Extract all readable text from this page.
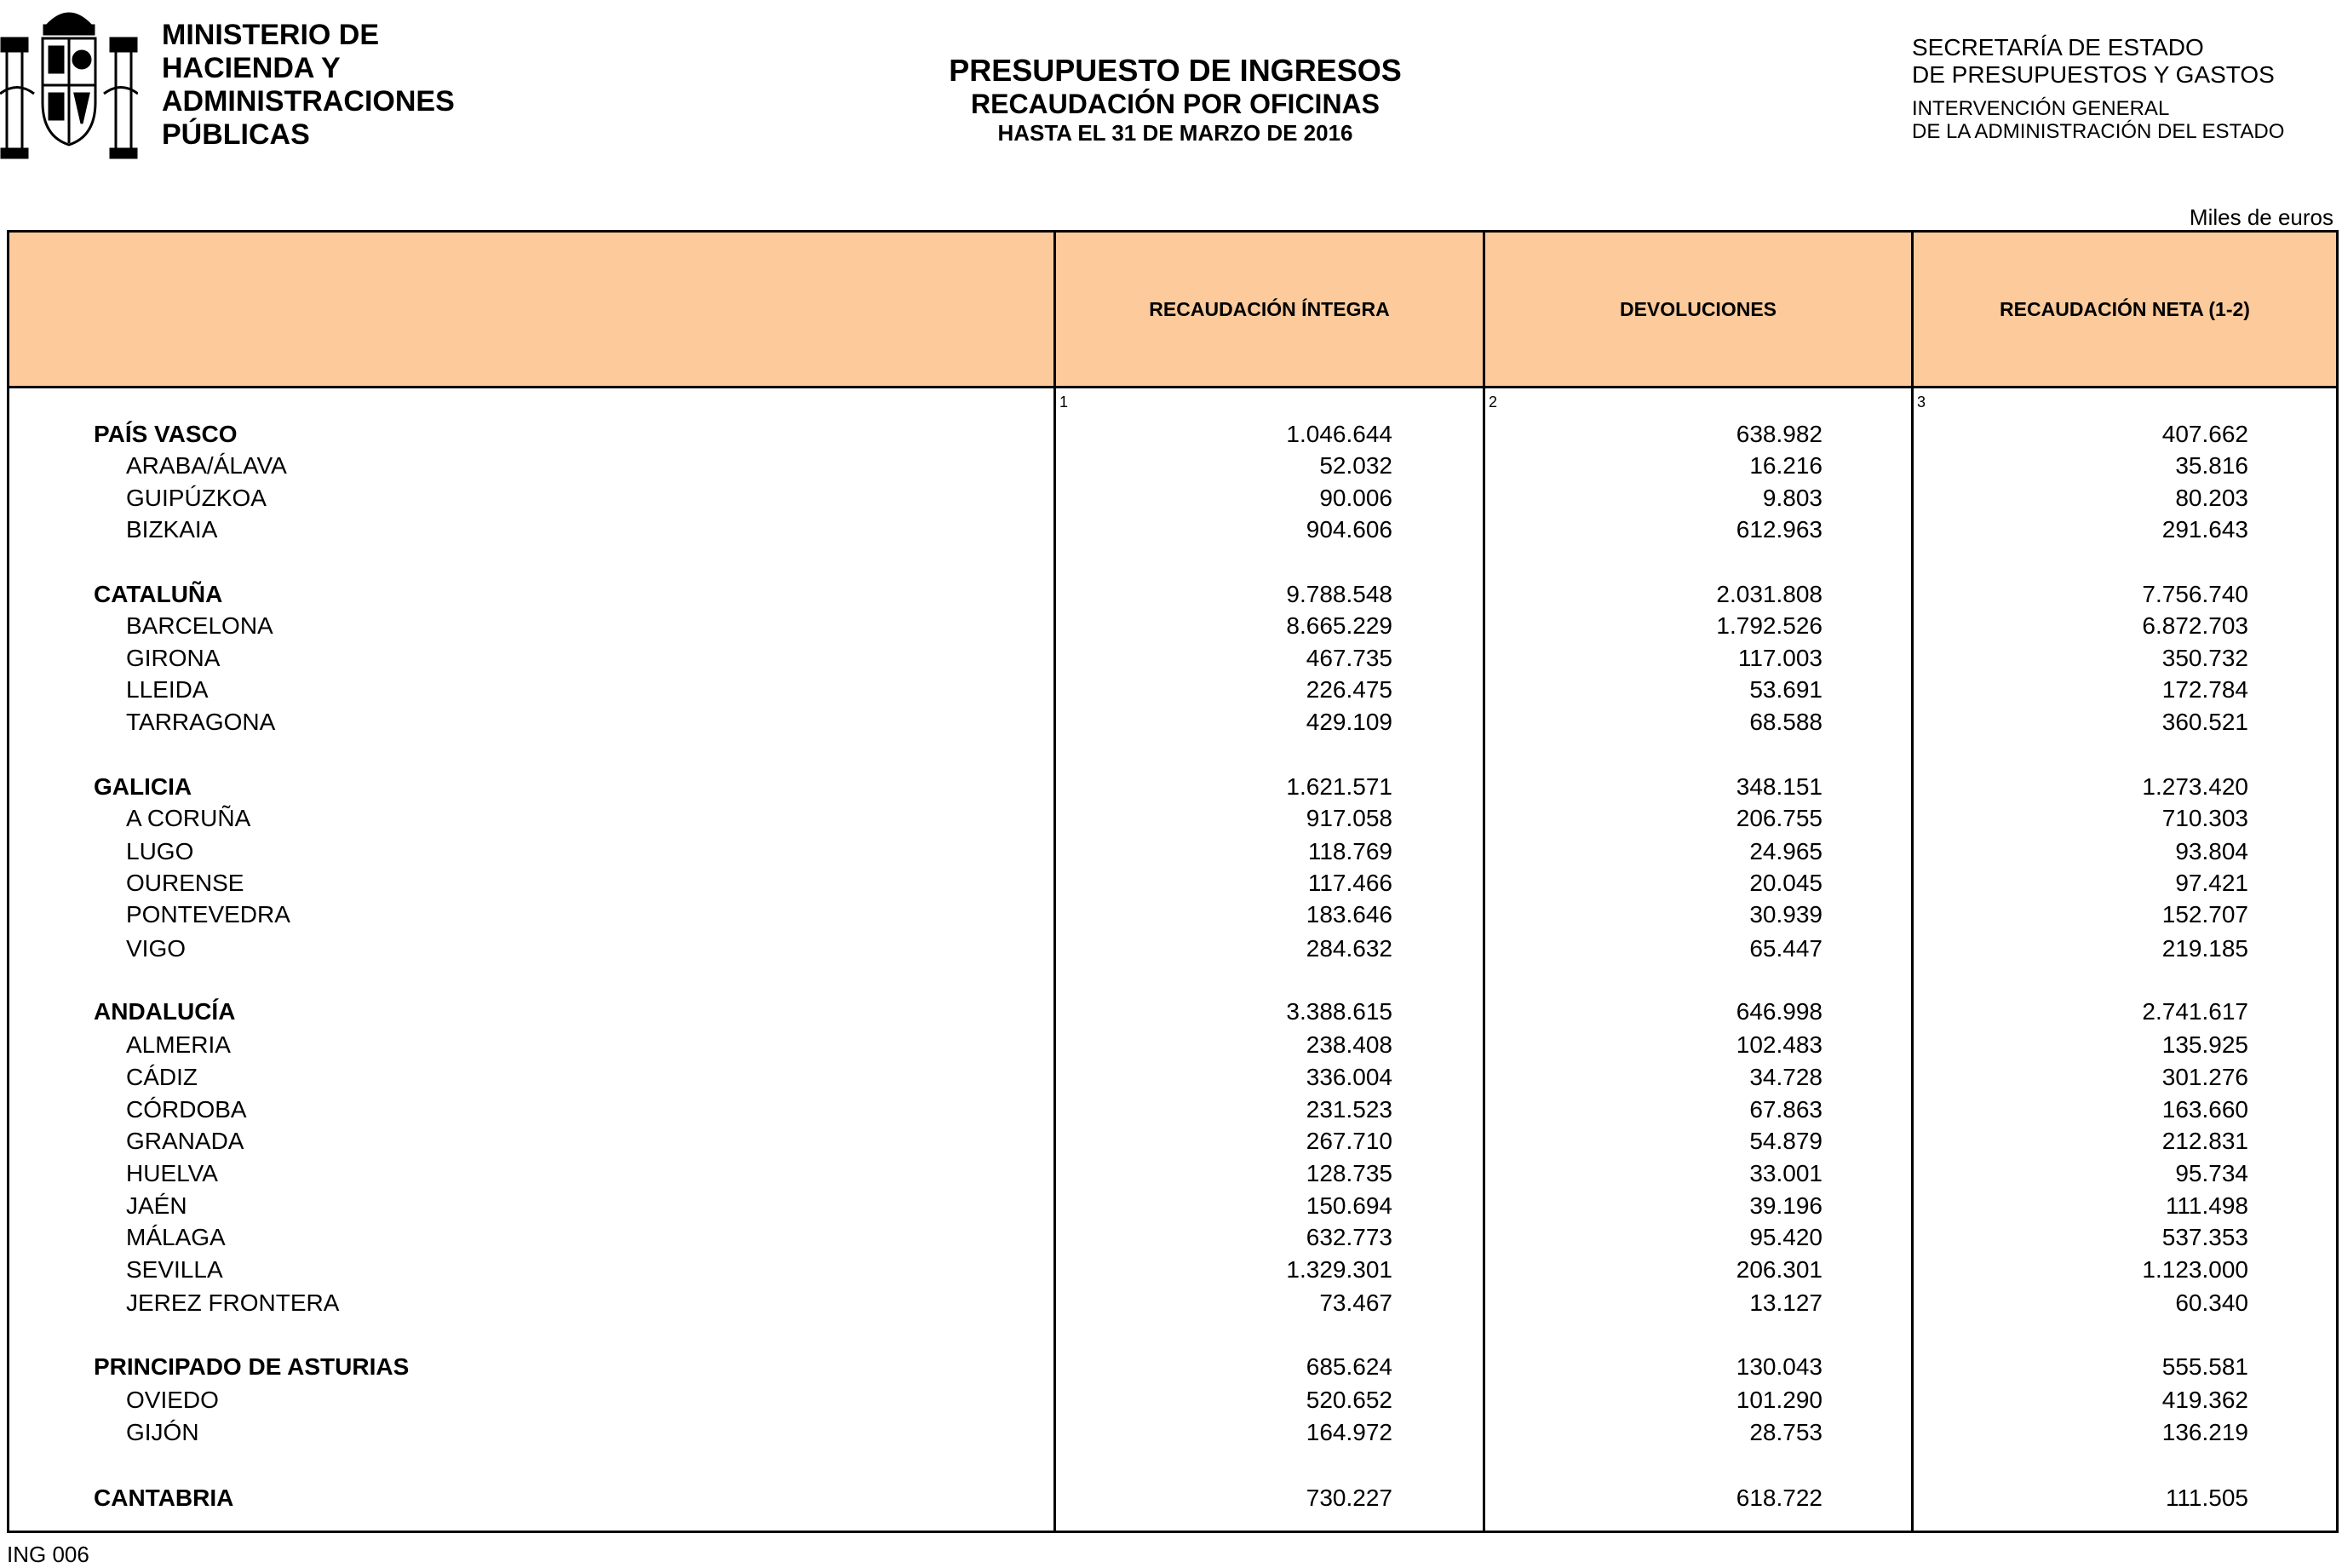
MINISTERIO DE
HACIENDA Y
ADMINISTRACIONES
PÚBLICAS
PRESUPUESTO DE INGRESOS
RECAUDACIÓN POR OFICINAS
HASTA EL 31 DE MARZO DE 2016
SECRETARÍA DE ESTADO
DE PRESUPUESTOS Y GASTOS
INTERVENCIÓN GENERAL
DE LA ADMINISTRACIÓN DEL ESTADO
Miles de euros
RECAUDACIÓN ÍNTEGRA	DEVOLUCIONES	RECAUDACIÓN NETA (1-2)
1	2	3
PAÍS VASCO	1.046.644	638.982	407.662
ARABA/ÁLAVA	52.032	16.216	35.816
GUIPÚZKOA	90.006	9.803	80.203
BIZKAIA	904.606	612.963	291.643
CATALUÑA	9.788.548	2.031.808	7.756.740
BARCELONA	8.665.229	1.792.526	6.872.703
GIRONA	467.735	117.003	350.732
LLEIDA	226.475	53.691	172.784
TARRAGONA	429.109	68.588	360.521
GALICIA	1.621.571	348.151	1.273.420
A CORUÑA	917.058	206.755	710.303
LUGO	118.769	24.965	93.804
OURENSE	117.466	20.045	97.421
PONTEVEDRA	183.646	30.939	152.707
VIGO	284.632	65.447	219.185
ANDALUCÍA	3.388.615	646.998	2.741.617
ALMERIA	238.408	102.483	135.925
CÁDIZ	336.004	34.728	301.276
CÓRDOBA	231.523	67.863	163.660
GRANADA	267.710	54.879	212.831
HUELVA	128.735	33.001	95.734
JAÉN	150.694	39.196	111.498
MÁLAGA	632.773	95.420	537.353
SEVILLA	1.329.301	206.301	1.123.000
JEREZ FRONTERA	73.467	13.127	60.340
PRINCIPADO DE ASTURIAS	685.624	130.043	555.581
OVIEDO	520.652	101.290	419.362
GIJÓN	164.972	28.753	136.219
CANTABRIA	730.227	618.722	111.505
ING 006
